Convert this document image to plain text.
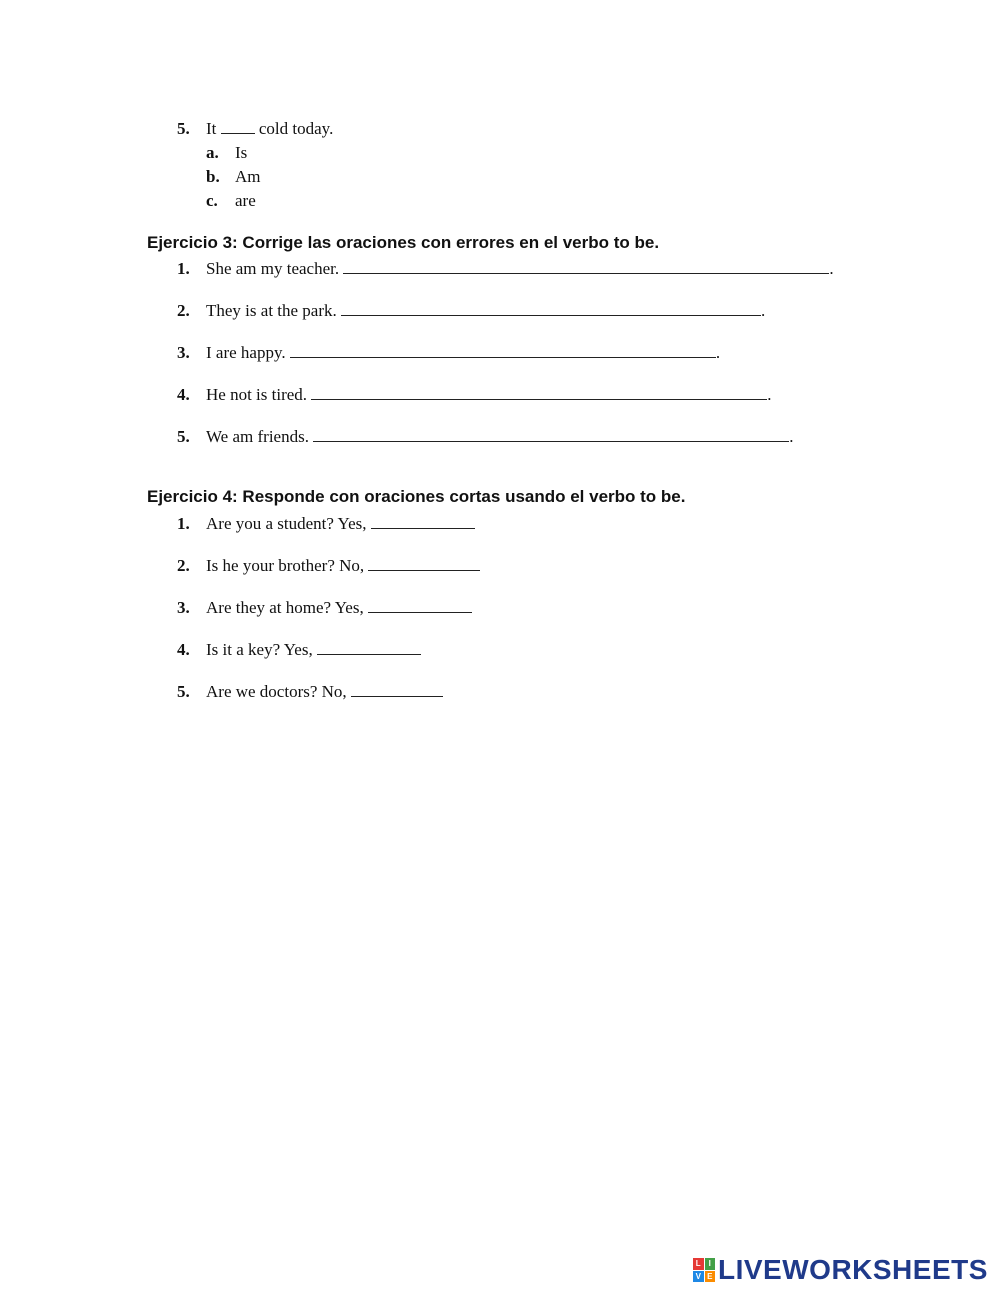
5. It  cold today.
a. Is
b. Am
c. are
Ejercicio 3: Corrige las oraciones con errores en el verbo to be.
1. She am my teacher.	.
2. They is at the park.	.
3. I are happy.	.
4. He not is tired.	.
5. We am friends.	.
Ejercicio 4: Responde con oraciones cortas usando el verbo to be.
1. Are you a student? Yes,
2. Is he your brother? No,
3. Are they at home? Yes,
4. Is it a key? Yes,
5. Are we doctors? No,
L I
V E LIVEWORKSHEETS
